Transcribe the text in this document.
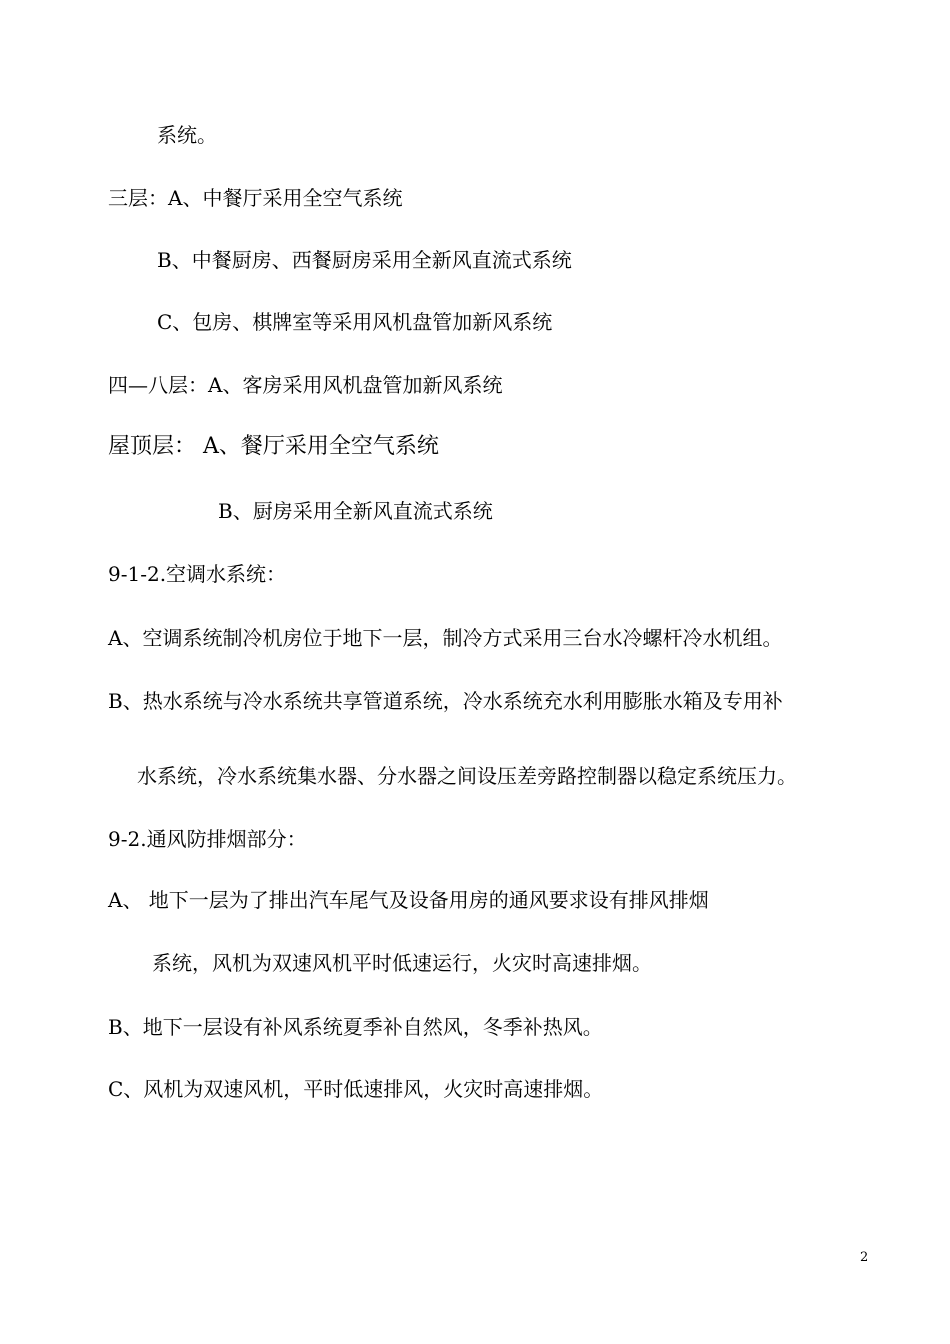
系统。
三层：A、中餐厅采用全空气系统
B、中餐厨房、西餐厨房采用全新风直流式系统
C、包房、棋牌室等采用风机盘管加新风系统
四—八层：A、客房采用风机盘管加新风系统
屋顶层： A、餐厅采用全空气系统
B、厨房采用全新风直流式系统
9-1-2.空调水系统：
A、空调系统制冷机房位于地下一层，制冷方式采用三台水冷螺杆冷水机组。
B、热水系统与冷水系统共享管道系统，冷水系统充水利用膨胀水箱及专用补
水系统，冷水系统集水器、分水器之间设压差旁路控制器以稳定系统压力。
9-2.通风防排烟部分：
A、 地下一层为了排出汽车尾气及设备用房的通风要求设有排风排烟
系统，风机为双速风机平时低速运行，火灾时高速排烟。
B、地下一层设有补风系统夏季补自然风，冬季补热风。
C、风机为双速风机，平时低速排风，火灾时高速排烟。
2
